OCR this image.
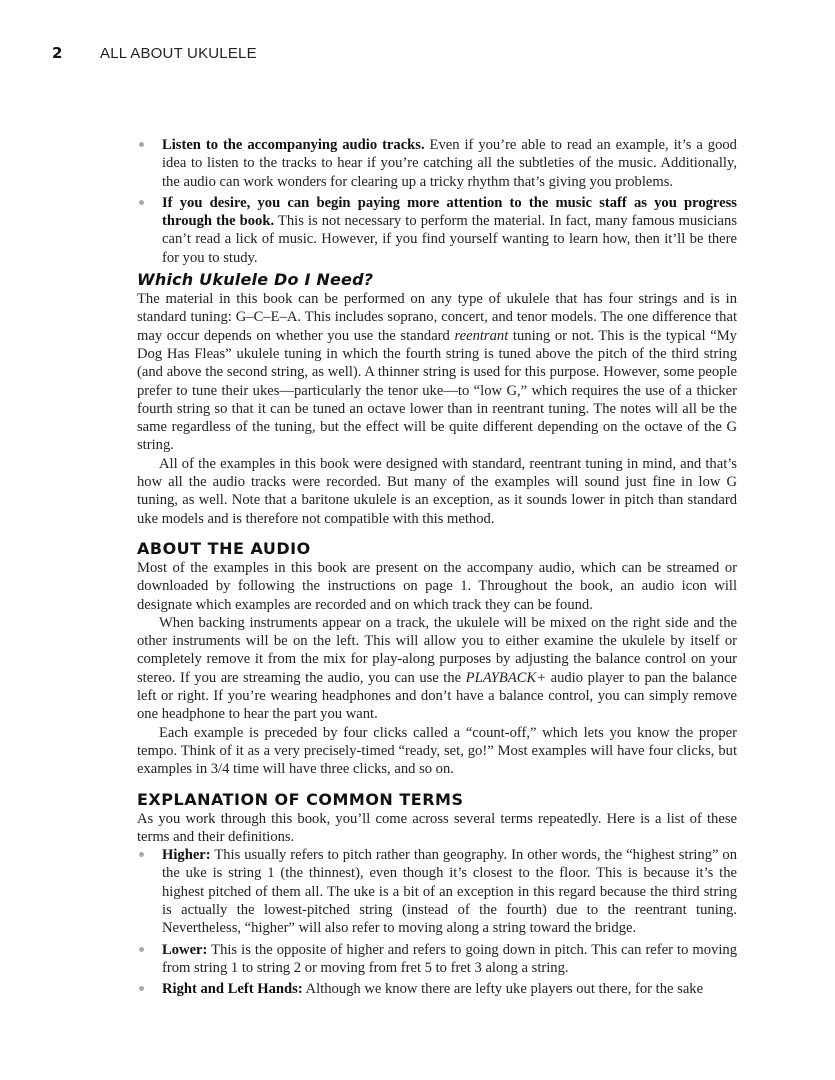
2	ALL ABOUT UKULELE
Listen to the accompanying audio tracks. Even if you’re able to read an example, it’s a good idea to listen to the tracks to hear if you’re catching all the subtleties of the music. Additionally, the audio can work wonders for clearing up a tricky rhythm that’s giving you problems.
If you desire, you can begin paying more attention to the music staff as you progress through the book. This is not necessary to perform the material. In fact, many famous musicians can’t read a lick of music. However, if you find yourself wanting to learn how, then it’ll be there for you to study.
Which Ukulele Do I Need?

The material in this book can be performed on any type of ukulele that has four strings and is in standard tuning: G–C–E–A. This includes soprano, concert, and tenor models. The one difference that may occur depends on whether you use the standard reentrant tuning or not. This is the typical “My Dog Has Fleas” ukulele tuning in which the fourth string is tuned above the pitch of the third string (and above the second string, as well). A thinner string is used for this purpose. However, some people prefer to tune their ukes—particularly the tenor uke—to “low G,” which requires the use of a thicker fourth string so that it can be tuned an octave lower than in reentrant tuning. The notes will all be the same regardless of the tuning, but the effect will be quite different depending on the octave of the G string.

All of the examples in this book were designed with standard, reentrant tuning in mind, and that’s how all the audio tracks were recorded. But many of the examples will sound just fine in low G tuning, as well. Note that a baritone ukulele is an exception, as it sounds lower in pitch than standard uke models and is therefore not compatible with this method.

ABOUT THE AUDIO

Most of the examples in this book are present on the accompany audio, which can be streamed or downloaded by following the instructions on page 1. Throughout the book, an audio icon will designate which examples are recorded and on which track they can be found.

When backing instruments appear on a track, the ukulele will be mixed on the right side and the other instruments will be on the left. This will allow you to either examine the ukulele by itself or completely remove it from the mix for play-along purposes by adjusting the balance control on your stereo. If you are streaming the audio, you can use the PLAYBACK+ audio player to pan the balance left or right. If you’re wearing headphones and don’t have a balance control, you can simply remove one headphone to hear the part you want.

Each example is preceded by four clicks called a “count-off,” which lets you know the proper tempo. Think of it as a very precisely-timed “ready, set, go!” Most examples will have four clicks, but examples in 3/4 time will have three clicks, and so on.

EXPLANATION OF COMMON TERMS

As you work through this book, you’ll come across several terms repeatedly. Here is a list of these terms and their definitions.

Higher: This usually refers to pitch rather than geography. In other words, the “highest string” on the uke is string 1 (the thinnest), even though it’s closest to the floor. This is because it’s the highest pitched of them all. The uke is a bit of an exception in this regard because the third string is actually the lowest-pitched string (instead of the fourth) due to the reentrant tuning. Nevertheless, “higher” will also refer to moving along a string toward the bridge.
Lower: This is the opposite of higher and refers to going down in pitch. This can refer to moving from string 1 to string 2 or moving from fret 5 to fret 3 along a string.
Right and Left Hands: Although we know there are lefty uke players out there, for the sake
